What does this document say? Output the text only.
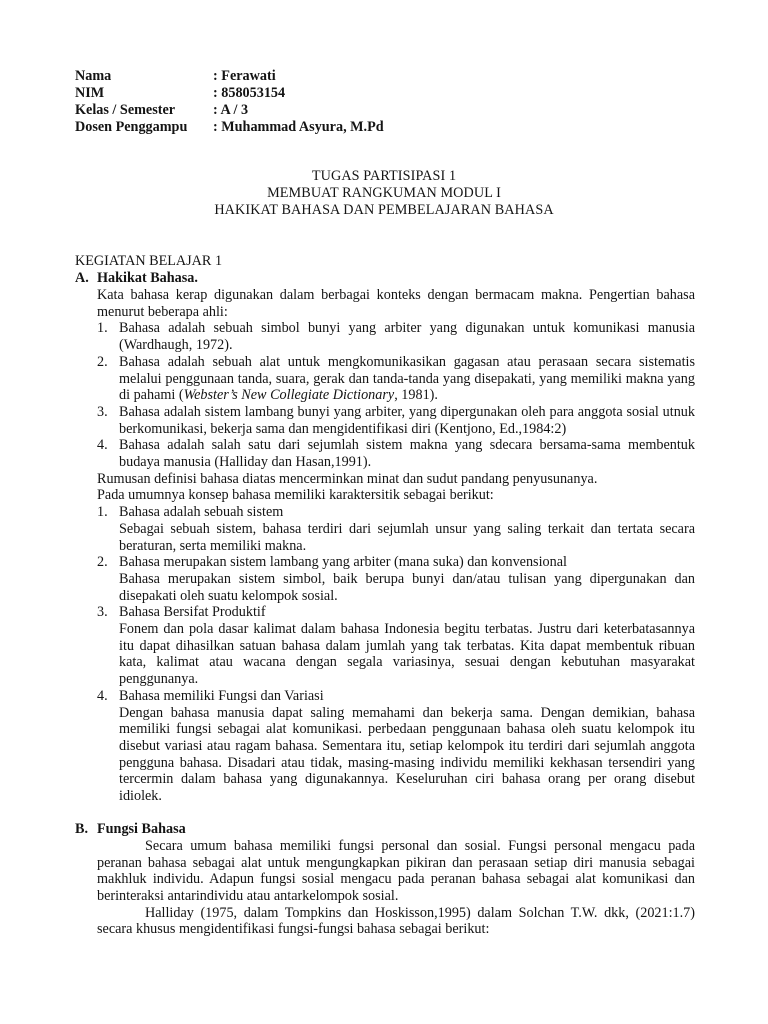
Nama	: Ferawati
NIM	: 858053154
Kelas / Semester	: A / 3
Dosen Penggampu	: Muhammad Asyura, M.Pd
TUGAS PARTISIPASI 1
MEMBUAT RANGKUMAN MODUL I
HAKIKAT BAHASA DAN PEMBELAJARAN BAHASA
KEGIATAN BELAJAR 1
A. Hakikat Bahasa.
Kata bahasa kerap digunakan dalam berbagai konteks dengan bermacam makna. Pengertian bahasa menurut beberapa ahli:
1. Bahasa adalah sebuah simbol bunyi yang arbiter yang digunakan untuk komunikasi manusia (Wardhaugh, 1972).
2. Bahasa adalah sebuah alat untuk mengkomunikasikan gagasan atau perasaan secara sistematis melalui penggunaan tanda, suara, gerak dan tanda-tanda yang disepakati, yang memiliki makna yang di pahami (Webster’s New Collegiate Dictionary, 1981).
3. Bahasa adalah sistem lambang bunyi yang arbiter, yang dipergunakan oleh para anggota sosial utnuk berkomunikasi, bekerja sama dan mengidentifikasi diri (Kentjono, Ed.,1984:2)
4. Bahasa adalah salah satu dari sejumlah sistem makna yang sdecara bersama-sama membentuk budaya manusia (Halliday dan Hasan,1991).
Rumusan definisi bahasa diatas mencerminkan minat dan sudut pandang penyusunanya.
Pada umumnya konsep bahasa memiliki karaktersitik sebagai berikut:
1. Bahasa adalah sebuah sistem
Sebagai sebuah sistem, bahasa terdiri dari sejumlah unsur yang saling terkait dan tertata secara beraturan, serta memiliki makna.
2. Bahasa merupakan sistem lambang yang arbiter (mana suka) dan konvensional
Bahasa merupakan sistem simbol, baik berupa bunyi dan/atau tulisan yang dipergunakan dan disepakati oleh suatu kelompok sosial.
3. Bahasa Bersifat Produktif
Fonem dan pola dasar kalimat dalam bahasa Indonesia begitu terbatas. Justru dari keterbatasannya itu dapat dihasilkan satuan bahasa dalam jumlah yang tak terbatas. Kita dapat membentuk ribuan kata, kalimat atau wacana dengan segala variasinya, sesuai dengan kebutuhan masyarakat penggunanya.
4. Bahasa memiliki Fungsi dan Variasi
Dengan bahasa manusia dapat saling memahami dan bekerja sama. Dengan demikian, bahasa memiliki fungsi sebagai alat komunikasi. perbedaan penggunaan bahasa oleh suatu kelompok itu disebut variasi atau ragam bahasa. Sementara itu, setiap kelompok itu terdiri dari sejumlah anggota pengguna bahasa. Disadari atau tidak, masing-masing individu memiliki kekhasan tersendiri yang tercermin dalam bahasa yang digunakannya. Keseluruhan ciri bahasa orang per orang disebut idiolek.
B. Fungsi Bahasa
Secara umum bahasa memiliki fungsi personal dan sosial. Fungsi personal mengacu pada peranan bahasa sebagai alat untuk mengungkapkan pikiran dan perasaan setiap diri manusia sebagai makhluk individu. Adapun fungsi sosial mengacu pada peranan bahasa sebagai alat komunikasi dan berinteraksi antarindividu atau antarkelompok sosial.
Halliday (1975, dalam Tompkins dan Hoskisson,1995) dalam Solchan T.W. dkk, (2021:1.7) secara khusus mengidentifikasi fungsi-fungsi bahasa sebagai berikut:
